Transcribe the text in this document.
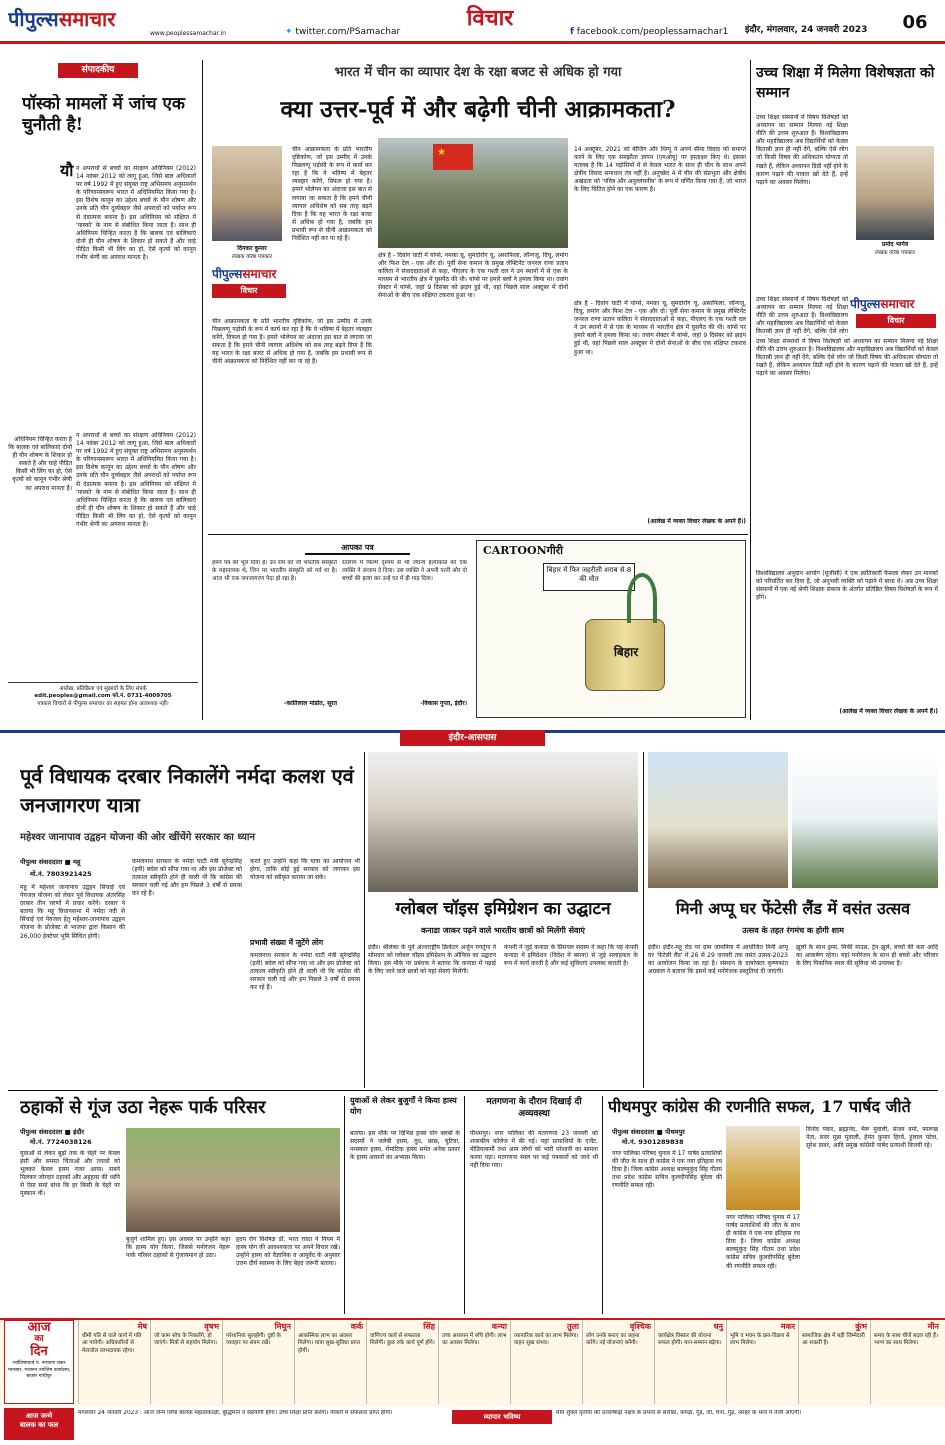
पीपुल्ससमाचार
www.peoplessamachar.in	✦ twitter.com/PSamachar
विचार
f facebook.com/peoplessamachar1	इंदौर, मंगलवार, 24 जनवरी 2023	06
संपादकीय
पॉस्को मामलों में जांच एक चुनौती है!
यौ न अपराधों से बच्चों का संरक्षण अधिनियम (2012) 14 नवंबर 2012 को लागू हुआ, जिसे बाल अधिकारों पर वर्ष 1992 में हुए संयुक्त राष्ट्र अभिसमय अनुसमर्थन के परिणामस्वरूप भारत में अधिनियमित किया गया है। इस विशेष कानून का उद्देश्य बच्चों के यौन शोषण और उनके प्रति यौन दुर्व्यवहार जैसे अपराधों को पर्याप्त रूप से दंडात्मक बनाना है। इस अधिनियम को संक्षिप्त में 'पास्को' के नाम से संबोधित किया जाता है। साथ ही अधिनियम चिन्हित करता है कि बालक एवं बालिकाएं दोनों ही यौन शोषण के शिकार हो सकते हैं और चाहे पीड़ित किसी भी लिंग का हो, ऐसे कृत्यों को कानून गंभीर श्रेणी का अपराध मानता है।
न अपराधों से बच्चों का संरक्षण अधिनियम (2012) 14 नवंबर 2012 को लागू हुआ, जिसे बाल अधिकारों पर वर्ष 1992 में हुए संयुक्त राष्ट्र अभिसमय अनुसमर्थन के परिणामस्वरूप भारत में अधिनियमित किया गया है। इस विशेष कानून का उद्देश्य बच्चों के यौन शोषण और उनके प्रति यौन दुर्व्यवहार जैसे अपराधों को पर्याप्त रूप से दंडात्मक बनाना है। इस अधिनियम को संक्षिप्त में 'पास्को' के नाम से संबोधित किया जाता है। साथ ही अधिनियम चिन्हित करता है कि बालक एवं बालिकाएं दोनों ही यौन शोषण के शिकार हो सकते हैं और चाहे पीड़ित किसी भी लिंग का हो, ऐसे कृत्यों को कानून गंभीर श्रेणी का अपराध मानता है।
अधिनियम चिन्हित करता है कि बालक एवं बालिकाएं दोनों ही यौन शोषण के शिकार हो सकते हैं और चाहे पीड़ित किसी भी लिंग का हो, ऐसे कृत्यों को कानून गंभीर श्रेणी का अपराध मानता है।
आलेख, प्रतिक्रिया एवं सुझावों के लिए संपर्क
edit.peoples@gmail.com फो.नं. 0731-4009705
पत्रकार विचारों से पीपुल्स समाचार का सहमत होना आवश्यक नहीं।
भारत में चीन का व्यापार देश के रक्षा बजट से अधिक हो गया
क्या उत्तर-पूर्व में और बढ़ेगी चीनी आक्रामकता?
दिनकर कुमार
लेखक वरिष्ठ पत्रकार
पीपुल्ससमाचार
विचार
चीन आक्रामकता के प्रति भारतीय दृष्टिकोण, जो इस उम्मीद में उनके पिछलग्गू पड़ोसी के रूप में कार्य कर रहा है कि ये भविष्य में बेहतर व्यवहार करेंगे, विफल हो गया है। हमारे भोलेपन का अंदाजा इस बात से लगाया जा सकता है कि हमने चीनी व्यापार अधिशेष को सब तरह बढ़ने दिया है कि यह भारत के रक्षा बजट से अधिक हो गया है, जबकि हम प्रभावी रूप से चीनी आक्रामकता को निर्देशित नहीं कर पा रहे हैं।
★
क्षेत्र है - दिवांग घाटी में यांग्से, नमका चू, सुमदोरोंग चू, असाफिला, लॉन्गजू, दिचू, लमांग और फिश टेल - एक और दो। पूर्वी सेना कमान के प्रमुख लेफ्टिनेंट जनरल राणा प्रताप कलिता ने संवाददाताओं से कहा, पीएलए के एक गश्ती दल ने उन स्थानों में से एक के माध्यम से भारतीय क्षेत्र में घुसपैठ की थी। यांग्से पर हमारे बलों ने हमला किया था। तवांग सेक्टर में यांग्से, जहां 9 दिसंबर को झड़प हुई थी, वहां पिछले साल अक्टूबर में दोनों सेनाओं के बीच एक संक्षिप्त टकराव हुआ था।
चीन आक्रामकता के प्रति भारतीय दृष्टिकोण, जो इस उम्मीद में उनके पिछलग्गू पड़ोसी के रूप में कार्य कर रहा है कि ये भविष्य में बेहतर व्यवहार करेंगे, विफल हो गया है। हमारे भोलेपन का अंदाजा इस बात से लगाया जा सकता है कि हमने चीनी व्यापार अधिशेष को सब तरह बढ़ने दिया है कि यह भारत के रक्षा बजट से अधिक हो गया है, जबकि हम प्रभावी रूप से चीनी आक्रामकता को निर्देशित नहीं कर पा रहे हैं।
14 अक्टूबर, 2021 को बीजिंग और थिम्पू ने अपने सीमा विवाद को समाप्त करने के लिए एक समझौता ज्ञापन (एमओयू) पर हस्ताक्षर किए थे। इसका मतलब है कि 14 पड़ोसियों में से केवल भारत के साथ ही चीन के साथ अपने क्षेत्रीय विवाद समाधान तंत्र नहीं है। अनुच्छेद 4 में चीन की संप्रभुता और क्षेत्रीय अखंडता को 'पवित्र और अनुल्लंघनीय' के रूप में वर्णित किया गया है, जो भारत के लिए चिंतित होने का एक कारण है।
क्षेत्र है - दिवांग घाटी में यांग्से, नमका चू, सुमदोरोंग चू, असाफिला, लॉन्गजू, दिचू, लमांग और फिश टेल - एक और दो। पूर्वी सेना कमान के प्रमुख लेफ्टिनेंट जनरल राणा प्रताप कलिता ने संवाददाताओं से कहा, पीएलए के एक गश्ती दल ने उन स्थानों में से एक के माध्यम से भारतीय क्षेत्र में घुसपैठ की थी। यांग्से पर हमारे बलों ने हमला किया था। तवांग सेक्टर में यांग्से, जहां 9 दिसंबर को झड़प हुई थी, वहां पिछले साल अक्टूबर में दोनों सेनाओं के बीच एक संक्षिप्त टकराव हुआ था।
(आलेख में व्यक्त विचार लेखक के अपने हैं।)
आपका पत्र
हमने पत्र को भूल दिया है। उन राम को जो भारतीय संस्कृति के महानायक थे, जिन पर भारतीय संस्कृति को गर्व था है। आज भी एक जनजागरण पैदा हो रहा है।
-कातिलाल मांडोत, सूरत
रतलाम में फिल्म दृश्यम से भी जघन्य हत्याकांड को एक व्यक्ति ने अंजाम दे दिया। उस व्यक्ति ने अपनी पत्नी और दो बच्चों की हत्या कर उन्हें घर में ही गाड़ दिया।
-विकास गुप्ता, इंदौर।
CARTOONगीरी
बिहार में फिर जहरीली शराब से 8 की मौत
बिहार
उच्च शिक्षा में मिलेगा विशेषज्ञता को सम्मान
उच्च शिक्षा संस्थानों में विषय विशेषज्ञों को अध्यापन का सम्मान मिलना नई शिक्षा नीति की उत्तम शुरुआत है। विश्वविद्यालय और महाविद्यालय अब विद्यार्थियों को केवल किताबी ज्ञान ही नहीं देंगे, बल्कि ऐसे लोग जो किसी विषय की अधिकतम योग्यता तो रखते हैं, लेकिन अध्यापन डिग्री नहीं होने के कारण पढ़ाने की पात्रता खो देते हैं, इन्हें पढ़ाने का अवसर मिलेगा।
प्रमोद भार्गव
लेखक वरिष्ठ पत्रकार
पीपुल्ससमाचार
विचार
उच्च शिक्षा संस्थानों में विषय विशेषज्ञों को अध्यापन का सम्मान मिलना नई शिक्षा नीति की उत्तम शुरुआत है। विश्वविद्यालय और महाविद्यालय अब विद्यार्थियों को केवल किताबी ज्ञान ही नहीं देंगे, बल्कि ऐसे लोग
उच्च शिक्षा संस्थानों में विषय विशेषज्ञों को अध्यापन का सम्मान मिलना नई शिक्षा नीति की उत्तम शुरुआत है। विश्वविद्यालय और महाविद्यालय अब विद्यार्थियों को केवल किताबी ज्ञान ही नहीं देंगे, बल्कि ऐसे लोग जो किसी विषय की अधिकतम योग्यता तो रखते हैं, लेकिन अध्यापन डिग्री नहीं होने के कारण पढ़ाने की पात्रता खो देते हैं, इन्हें पढ़ाने का अवसर मिलेगा।
विश्वविद्यालय अनुदान आयोग (यूजीसी) ने एक क्रांतिकारी फैसला लेकर उन मानकों को परिवर्तित कर दिया है, जो अनुभवी व्यक्ति को पढ़ाने में बाधा थे। अब उच्च शिक्षा संस्थानों में एक नई श्रेणी शिक्षक संकाय के अंतर्गत प्रतिष्ठित विषय विशेषज्ञों के रूप में होंगे।
(आलेख में व्यक्त विचार लेखक के अपने हैं।)
इंदौर-आसपास
पूर्व विधायक दरबार निकालेंगे नर्मदा कलश एवं जनजागरण यात्रा
महेश्वर जानापाव उद्वहन योजना की ओर खींचेंगे सरकार का ध्यान
पीपुल्स संवाददाता ■ महू
मो.नं. 7803921425
महू में महेश्वर जानापाव उद्वहन सिंचाई एवं पेयजल योजना को लेकर पूर्व विधायक अंतरसिंह दरबार तीन चरणों में प्रचार करेंगे। दरबार ने बताया कि महू विधानसभा में नर्मदा नदी से सिंचाई एवं पेयजल हेतु महेश्वर-जानापाव उद्वहन योजना के प्रोजेक्ट से भाजपा द्वारा किसान की 26,000 हेक्टेयर भूमि सिंचित होगी।
कमलनाथ सरकार के नर्मदा घाटी मंत्री सुरेन्द्रसिंह (हनी) बघेल को सौंपा गया था और इस प्रोजेक्ट को तत्काल स्वीकृति होने ही वाली थी कि कांग्रेस की सरकार चली गई और हम पिछले 3 वर्षों से प्रयास कर रहे हैं।
करते हुए उन्होंने कहा कि यात्रा का आयोजन भी होगा, ताकि सोई हुई सरकार को जगाकर इस योजना को स्वीकृत कराया जा सके।
प्रभावी संख्या में जुटेंगे लोग
कमलनाथ सरकार के नर्मदा घाटी मंत्री सुरेन्द्रसिंह (हनी) बघेल को सौंपा गया था और इस प्रोजेक्ट को तत्काल स्वीकृति होने ही वाली थी कि कांग्रेस की सरकार चली गई और हम पिछले 3 वर्षों से प्रयास कर रहे हैं।
ग्लोबल चॉइस इमिग्रेशन का उद्घाटन
कनाडा जाकर पढ़ने वाले भारतीय छात्रों को मिलेंगी सेवाएं
इंदौर। श्रीलंका के पूर्व अंतरराष्ट्रीय क्रिकेटर अर्जुन रणतुंगा ने सोमवार को ग्लोबल चॉइस इमिग्रेशन के ऑफिस का उद्घाटन किया। इस मौके पर प्रबंधक ने बताया कि कनाडा में पढ़ाई के लिए जाने वाले छात्रों को यहां सेवाएं मिलेंगी।
कंपनी ने जुड़े कनाडा के प्रिंसपल सदस्य ने कहा कि यह कंपनी कनाडा में इमिग्रेशन (विदेश में बसना) से जुड़े सलाहकार के रूप में कार्य करती है और कई सुविधाएं उपलब्ध कराती है।
मिनी अप्पू घर फेंटेसी लैंड में वसंत उत्सव
उत्सव के तहत रंगमंच क होगी शाम
इंदौर। इंदौर-महू रोड पर ग्राम जामनिया में आयोजित मिनी अप्पू घर 'फेंटेसी लैंड' में 26 से 29 जनवरी तक वसंत उत्सव-2023 का आयोजन किया जा रहा है। संस्थान के डायरेक्टर कृष्णकांत अग्रवाल ने बताया कि इसमें कई मनोरंजक प्रस्तुतियां दी जाएंगी।
झूलों के साथ ड्रम्स, मिकी माउस, ट्रेन झूले, बच्चों की कार आदि का आकर्षण रहेगा। यहां मनोरंजन के साथ ही बच्चों और परिवार के लिए पिकनिक स्थल की सुविधा भी उपलब्ध है।
ठहाकों से गूंज उठा नेहरू पार्क परिसर
पीपुल्स संवाददाता ■ इंदौर
मो.नं. 7724038126
युवाओं से लेकर बूढ़ों तक के चेहरे पर केवल हंसी और समस्त चिंताओं और तनावों को भूलकर केवल हास्य नजर आया। सबने मिलकर जोरदार ठहाकों और अट्टहास की ध्वनि से ऐसा समां बांधा कि हर किसी के चेहरे पर मुस्कान थी।
बुजुर्ग शामिल हुए। इस अवसर पर उन्होंने कहा कि हास्य योग किया, जिससे मनोरंजन नेहरू पार्क परिसर ठहाकों से गुंजायमान हो उठा।
हृदय रोग विशेषज्ञ डॉ. भरत रावत ने नियम में हास्य योग की आवश्यकता पर अपने विचार रखे। उन्होंने हास्य को वैज्ञानिक व आयुर्वेद के अनुसार उत्तम दीर्घ स्वास्थ्य के लिए बेहद जरूरी बताया।
युवाओं से लेकर बुजुर्गों ने किया हास्य योग
बताया। इस मौके पर विभिन्न हास्य योग क्लबों के सदस्यों ने जलेबी हास्य, दूध, छाछ, चुटिया, नमस्कार हास्य, रोमांटिक हास्य समेत अनेक प्रकार के हास्य आसनों का अभ्यास किया।
मतगणना के दौरान दिखाई दी अव्यवस्था
पीथमपुर। नगर पालिका की मतगणना 23 जनवरी को शासकीय कॉलेज में की गई। यहां प्रत्याशियों के एजेंट, मीडियाकर्मी तथा आम लोगों को भारी परेशानी का सामना करना पड़ा। मतगणना स्थल पर कई पत्रकारों को जाने भी नहीं दिया गया।
पीथमपुर कांग्रेस की रणनीति सफल, 17 पार्षद जीते
पीपुल्स संवाददाता ■ पीथमपुर
मो.नं. 9301289838
नगर पालिका परिषद चुनाव में 17 पार्षद प्रत्याशियों की जीत के साथ ही कांग्रेस ने एक नया इतिहास रच दिया है। जिला कांग्रेस अध्यक्ष बालमुकुंद सिंह गौतम तथा प्रदेश कांग्रेस सचिव कुलदीपसिंह बुंदेला की रणनीति सफल रही।
नगर पालिका परिषद चुनाव में 17 पार्षद प्रत्याशियों की जीत के साथ ही कांग्रेस ने एक नया इतिहास रच दिया है। जिला कांग्रेस अध्यक्ष बालमुकुंद सिंह गौतम तथा प्रदेश कांग्रेस सचिव कुलदीपसिंह बुंदेला की रणनीति सफल रही।
विनोद पंवार, ब्रह्मानंद, भैरू मुवाली, संजय वर्मा, फारूख नेता, सदर मुन्ना मुवाली, हेमंत कुमार हिरवे, हुलाल पटेल, सुरेश डावर, आदि प्रमुख कांग्रेसी पार्षद प्रत्याशी विजयी रहे।
आज
का
दिन
ज्योतिषाचार्य पं. नारायण शंकर भावसार, गजानन ज्योतिष कार्यालय, बाज़ार गांधीपुर
मेष
धीमी गति से वाले कार्य में गति आ पायेगी। अधिकारियों से मेलजोल लाभदायक रहेगा।
वृषभ
जो काम सोच के निकलेंगे, हो जाएंगे। मित्रों से सहयोग मिलेगा।
मिथुन
परेशानियां सुलझेंगी। दुष्टों के व्यवहार पर संयम रखें।
कर्क
आकस्मिक लाभ का अवसर मिलेगा। यात्रा सुख-सुविधा प्राप्त होगी।
सिंह
वाणिज्य कार्य से सफलता मिलेगी। कुछ रुके कार्य पूर्ण होंगे।
कन्या
उच्च अध्ययन में रुचि होगी। लाभ का अवसर मिलेगा।
तुला
व्यापारिक कार्य का लाभ मिलेगा। वाहन सुख संभव।
वृश्चिक
लोग उनके बनाए का कहना करेंगे। नई योजनाएं बनेंगी।
धनु
कार्यक्षेत्र विस्तार की योजना सफल होगी। मान-सम्मान बढ़ेगा।
मकर
भूमि व भवन के क्रय-विक्रय से लाभ मिलेगा।
कुंभ
सामाजिक क्षेत्र में बड़ी जिम्मेदारी आ सकती है।
मीन
समय के साथ चीजें बदल रही हैं। भाग्य का साथ मिलेगा।
आज जन्मे
बालक का फल
मंगलवार 24 जनवरी 2023 : आज जन्म लिया बालक महत्वाकांक्षी, बुद्धिमान व सहयोगी होगा। उच्च शिक्षा प्राप्त करेगा। नौकरी में सफलता प्राप्त होगी।	व्यापार भविष्य	माघ शुक्ल तृतीया को उत्तराषाढ़ा नक्षत्र के प्रभाव से सर्राफ़ा, कपड़ा, गुड़, जौ, चना, गुड़, अरहर के भाव में तेजी आएगी।
